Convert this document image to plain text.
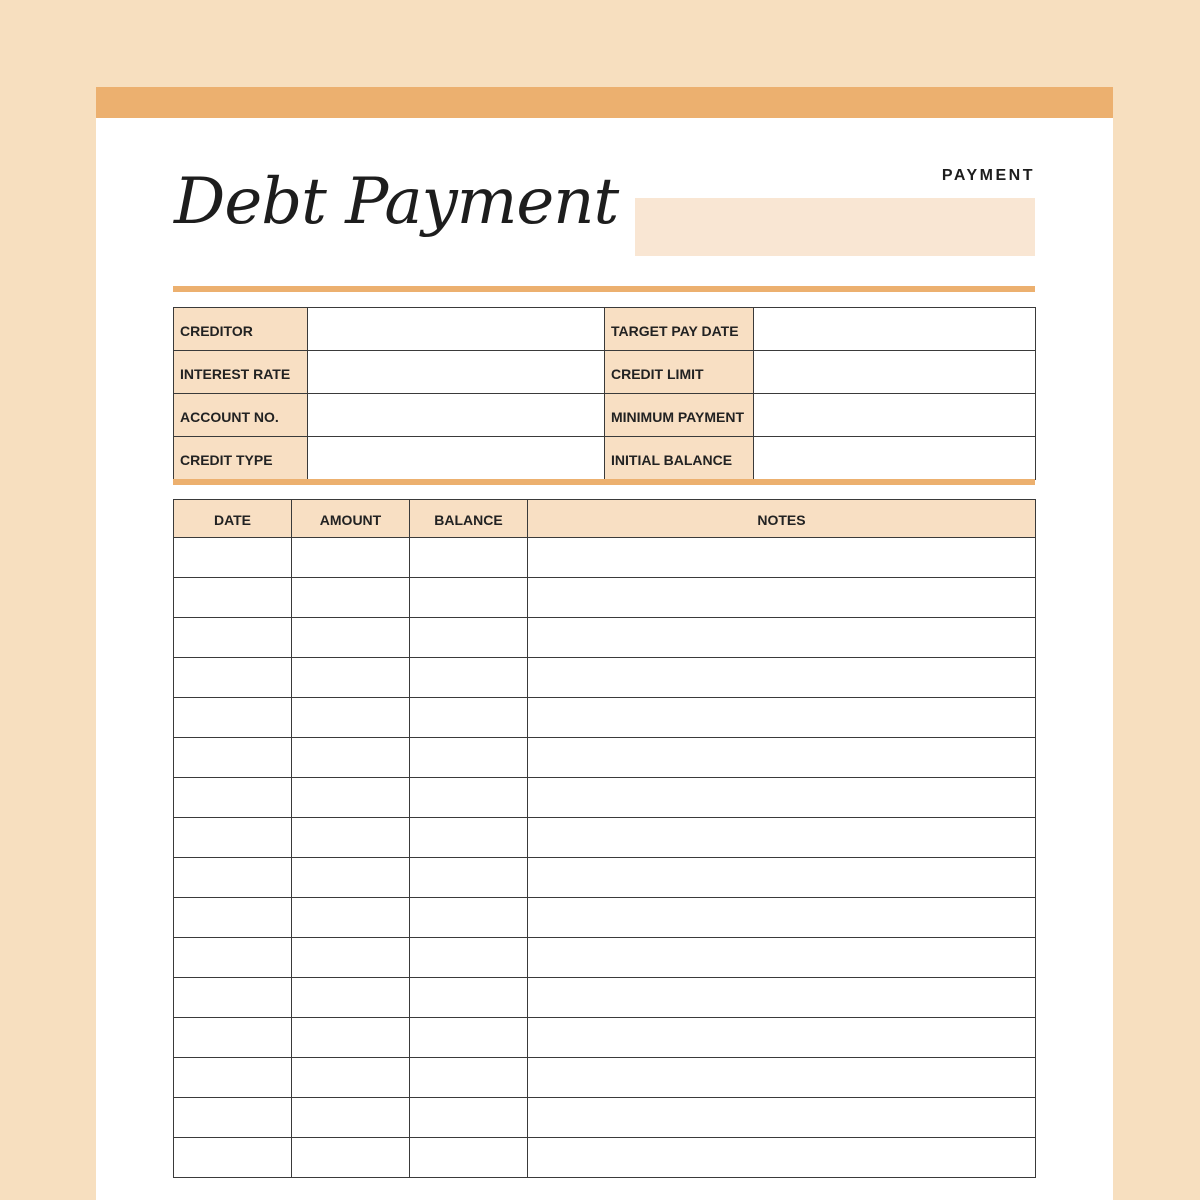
Debt Payment	PAYMENT
CREDITOR		TARGET PAY DATE	
INTEREST RATE		CREDIT LIMIT	
ACCOUNT NO.		MINIMUM PAYMENT	
CREDIT TYPE		INITIAL BALANCE	
DATE	AMOUNT	BALANCE	NOTES
